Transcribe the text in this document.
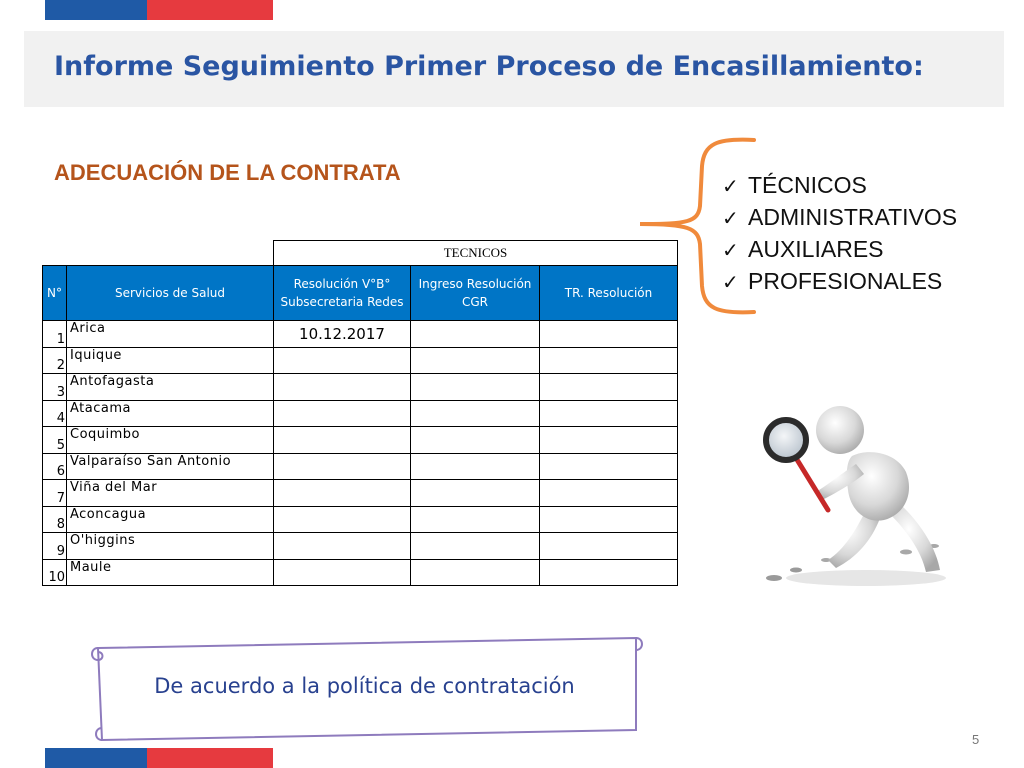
Informe Seguimiento Primer Proceso de Encasillamiento:
ADECUACIÓN DE LA CONTRATA
✓ TÉCNICOS
✓ ADMINISTRATIVOS
✓ AUXILIARES
✓ PROFESIONALES
		TECNICOS		
N°	Servicios de Salud	Resolución V°B° Subsecretaria Redes	Ingreso Resolución CGR	TR. Resolución
1	Arica	10.12.2017		
2	Iquique			
3	Antofagasta			
4	Atacama			
5	Coquimbo			
6	Valparaíso San Antonio			
7	Viña del Mar			
8	Aconcagua			
9	O'higgins			
10	Maule			
De acuerdo a la política de contratación
5
